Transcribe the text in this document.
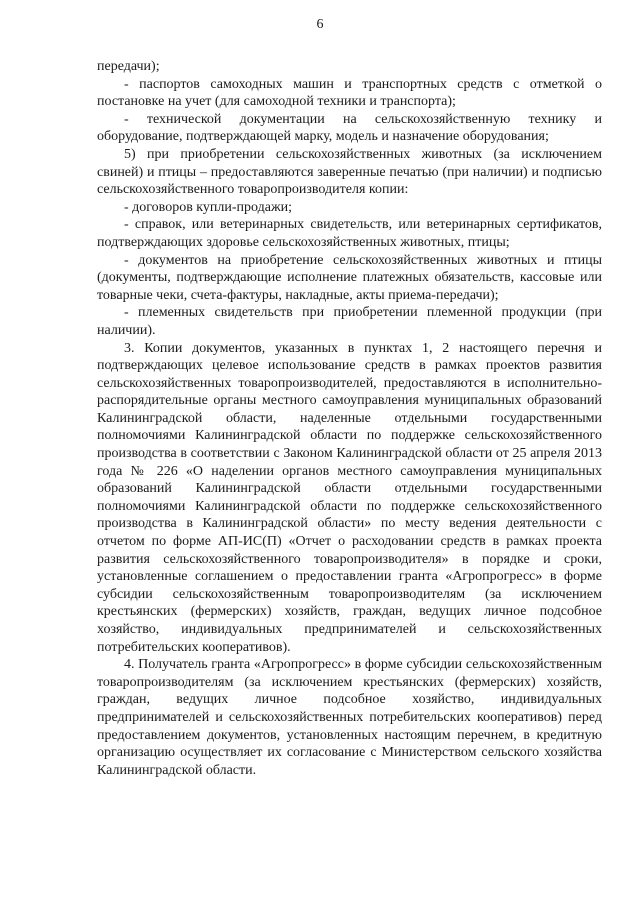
6

передачи);

- паспортов самоходных машин и транспортных средств с отметкой о постановке на учет (для самоходной техники и транспорта);

- технической документации на сельскохозяйственную технику и оборудование, подтверждающей марку, модель и назначение оборудования;

5) при приобретении сельскохозяйственных животных (за исключением свиней) и птицы – предоставляются заверенные печатью (при наличии) и подписью сельскохозяйственного товаропроизводителя копии:

- договоров купли-продажи;

- справок, или ветеринарных свидетельств, или ветеринарных сертификатов, подтверждающих здоровье сельскохозяйственных животных, птицы;

- документов на приобретение сельскохозяйственных животных и птицы (документы, подтверждающие исполнение платежных обязательств, кассовые или товарные чеки, счета-фактуры, накладные, акты приема-передачи);

- племенных свидетельств при приобретении племенной продукции (при наличии).

3. Копии документов, указанных в пунктах 1, 2 настоящего перечня и подтверждающих целевое использование средств в рамках проектов развития сельскохозяйственных товаропроизводителей, предоставляются в исполнительно-распорядительные органы местного самоуправления муниципальных образований Калининградской области, наделенные отдельными государственными полномочиями Калининградской области по поддержке сельскохозяйственного производства в соответствии с Законом Калининградской области от 25 апреля 2013 года № 226 «О наделении органов местного самоуправления муниципальных образований Калининградской области отдельными государственными полномочиями Калининградской области по поддержке сельскохозяйственного производства в Калининградской области» по месту ведения деятельности с отчетом по форме АП-ИС(П) «Отчет о расходовании средств в рамках проекта развития сельскохозяйственного товаропроизводителя» в порядке и сроки, установленные соглашением о предоставлении гранта «Агропрогресс» в форме субсидии сельскохозяйственным товаропроизводителям (за исключением крестьянских (фермерских) хозяйств, граждан, ведущих личное подсобное хозяйство, индивидуальных предпринимателей и сельскохозяйственных потребительских кооперативов).

4. Получатель гранта «Агропрогресс» в форме субсидии сельскохозяйственным товаропроизводителям (за исключением крестьянских (фермерских) хозяйств, граждан, ведущих личное подсобное хозяйство, индивидуальных предпринимателей и сельскохозяйственных потребительских кооперативов) перед предоставлением документов, установленных настоящим перечнем, в кредитную организацию осуществляет их согласование с Министерством сельского хозяйства Калининградской области.
